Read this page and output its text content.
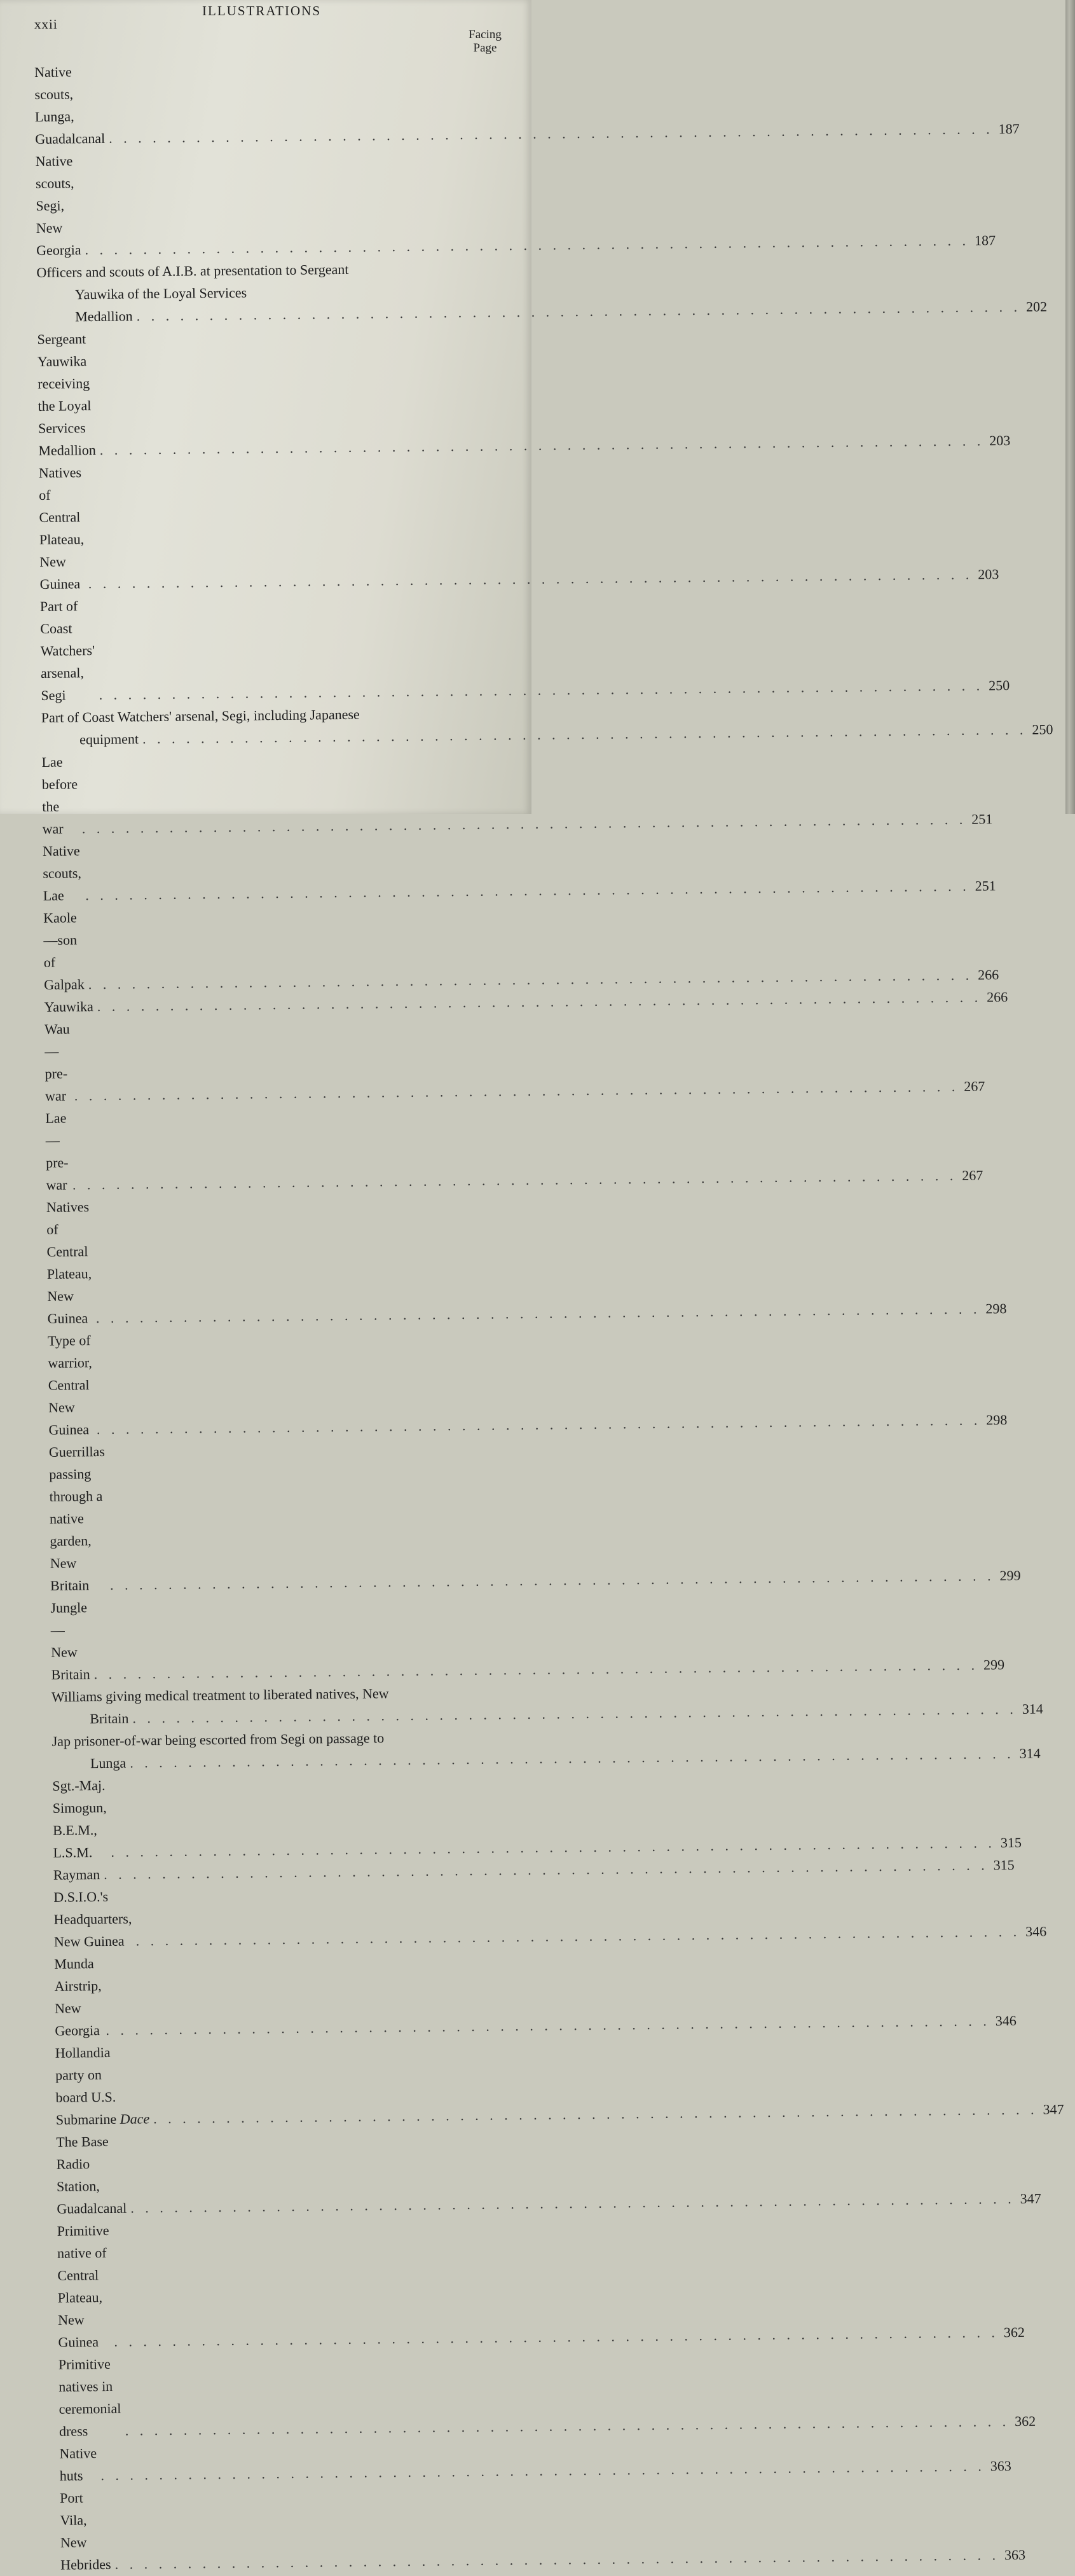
xxii
ILLUSTRATIONS
Facing
Page
Native scouts, Lunga, Guadalcanal . . . . . . . . . . . . . . . . . . . . . . . . . . . . . . . . . . . . . . . . . . . . . . . . . . . . . . . . . . . . . 187
Native scouts, Segi, New Georgia . . . . . . . . . . . . . . . . . . . . . . . . . . . . . . . . . . . . . . . . . . . . . . . . . . . . . . . . . . . . . 187
Officers and scouts of A.I.B. at presentation to Sergeant
Yauwika of the Loyal Services Medallion . . . . . . . . . . . . . . . . . . . . . . . . . . . . . . . . . . . . . . . . . . . . . . . . . . . . . . . . . . . . . 202
Sergeant Yauwika receiving the Loyal Services Medallion . . . . . . . . . . . . . . . . . . . . . . . . . . . . . . . . . . . . . . . . . . . . . . . . . . . . . . . . . . . . . 203
Natives of Central Plateau, New Guinea . . . . . . . . . . . . . . . . . . . . . . . . . . . . . . . . . . . . . . . . . . . . . . . . . . . . . . . . . . . . . 203
Part of Coast Watchers' arsenal, Segi	. . . . . . . . . . . . . . . . . . . . . . . . . . . . . . . . . . . . . . . . . . . . . . . . . . . . . . . . . . . . . 250
Part of Coast Watchers' arsenal, Segi, including Japanese
equipment . . . . . . . . . . . . . . . . . . . . . . . . . . . . . . . . . . . . . . . . . . . . . . . . . . . . . . . . . . . . . 250
Lae before the war	. . . . . . . . . . . . . . . . . . . . . . . . . . . . . . . . . . . . . . . . . . . . . . . . . . . . . . . . . . . . . 251
Native scouts, Lae	. . . . . . . . . . . . . . . . . . . . . . . . . . . . . . . . . . . . . . . . . . . . . . . . . . . . . . . . . . . . . 251
Kaole—son of Galpak . . . . . . . . . . . . . . . . . . . . . . . . . . . . . . . . . . . . . . . . . . . . . . . . . . . . . . . . . . . . . 266
Yauwika . . . . . . . . . . . . . . . . . . . . . . . . . . . . . . . . . . . . . . . . . . . . . . . . . . . . . . . . . . . . . 266
Wau—pre-war . . . . . . . . . . . . . . . . . . . . . . . . . . . . . . . . . . . . . . . . . . . . . . . . . . . . . . . . . . . . . 267
Lae—pre-war . . . . . . . . . . . . . . . . . . . . . . . . . . . . . . . . . . . . . . . . . . . . . . . . . . . . . . . . . . . . . 267
Natives of Central Plateau, New Guinea . . . . . . . . . . . . . . . . . . . . . . . . . . . . . . . . . . . . . . . . . . . . . . . . . . . . . . . . . . . . . 298
Type of warrior, Central New Guinea . . . . . . . . . . . . . . . . . . . . . . . . . . . . . . . . . . . . . . . . . . . . . . . . . . . . . . . . . . . . . 298
Guerrillas passing through a native garden, New Britain	. . . . . . . . . . . . . . . . . . . . . . . . . . . . . . . . . . . . . . . . . . . . . . . . . . . . . . . . . . . . . 299
Jungle—New Britain . . . . . . . . . . . . . . . . . . . . . . . . . . . . . . . . . . . . . . . . . . . . . . . . . . . . . . . . . . . . . 299
Williams giving medical treatment to liberated natives, New
Britain . . . . . . . . . . . . . . . . . . . . . . . . . . . . . . . . . . . . . . . . . . . . . . . . . . . . . . . . . . . . . 314
Jap prisoner-of-war being escorted from Segi on passage to
Lunga . . . . . . . . . . . . . . . . . . . . . . . . . . . . . . . . . . . . . . . . . . . . . . . . . . . . . . . . . . . . . 314
Sgt.-Maj. Simogun, B.E.M., L.S.M.	. . . . . . . . . . . . . . . . . . . . . . . . . . . . . . . . . . . . . . . . . . . . . . . . . . . . . . . . . . . . . 315
Rayman . . . . . . . . . . . . . . . . . . . . . . . . . . . . . . . . . . . . . . . . . . . . . . . . . . . . . . . . . . . . . 315
D.S.I.O.'s Headquarters, New Guinea . . . . . . . . . . . . . . . . . . . . . . . . . . . . . . . . . . . . . . . . . . . . . . . . . . . . . . . . . . . . . 346
Munda Airstrip, New Georgia . . . . . . . . . . . . . . . . . . . . . . . . . . . . . . . . . . . . . . . . . . . . . . . . . . . . . . . . . . . . . 346
Hollandia party on board U.S. Submarine
Dace . . . . . . . . . . . . . . . . . . . . . . . . . . . . . . . . . . . . . . . . . . . . . . . . . . . . . . . . . . . . . 347
The Base Radio Station, Guadalcanal . . . . . . . . . . . . . . . . . . . . . . . . . . . . . . . . . . . . . . . . . . . . . . . . . . . . . . . . . . . . . 347
Primitive native of Central Plateau, New Guinea	. . . . . . . . . . . . . . . . . . . . . . . . . . . . . . . . . . . . . . . . . . . . . . . . . . . . . . . . . . . . . 362
Primitive natives in ceremonial dress	. . . . . . . . . . . . . . . . . . . . . . . . . . . . . . . . . . . . . . . . . . . . . . . . . . . . . . . . . . . . . 362
Native huts	. . . . . . . . . . . . . . . . . . . . . . . . . . . . . . . . . . . . . . . . . . . . . . . . . . . . . . . . . . . . . 363
Port Vila, New Hebrides . . . . . . . . . . . . . . . . . . . . . . . . . . . . . . . . . . . . . . . . . . . . . . . . . . . . . . . . . . . . . 363
